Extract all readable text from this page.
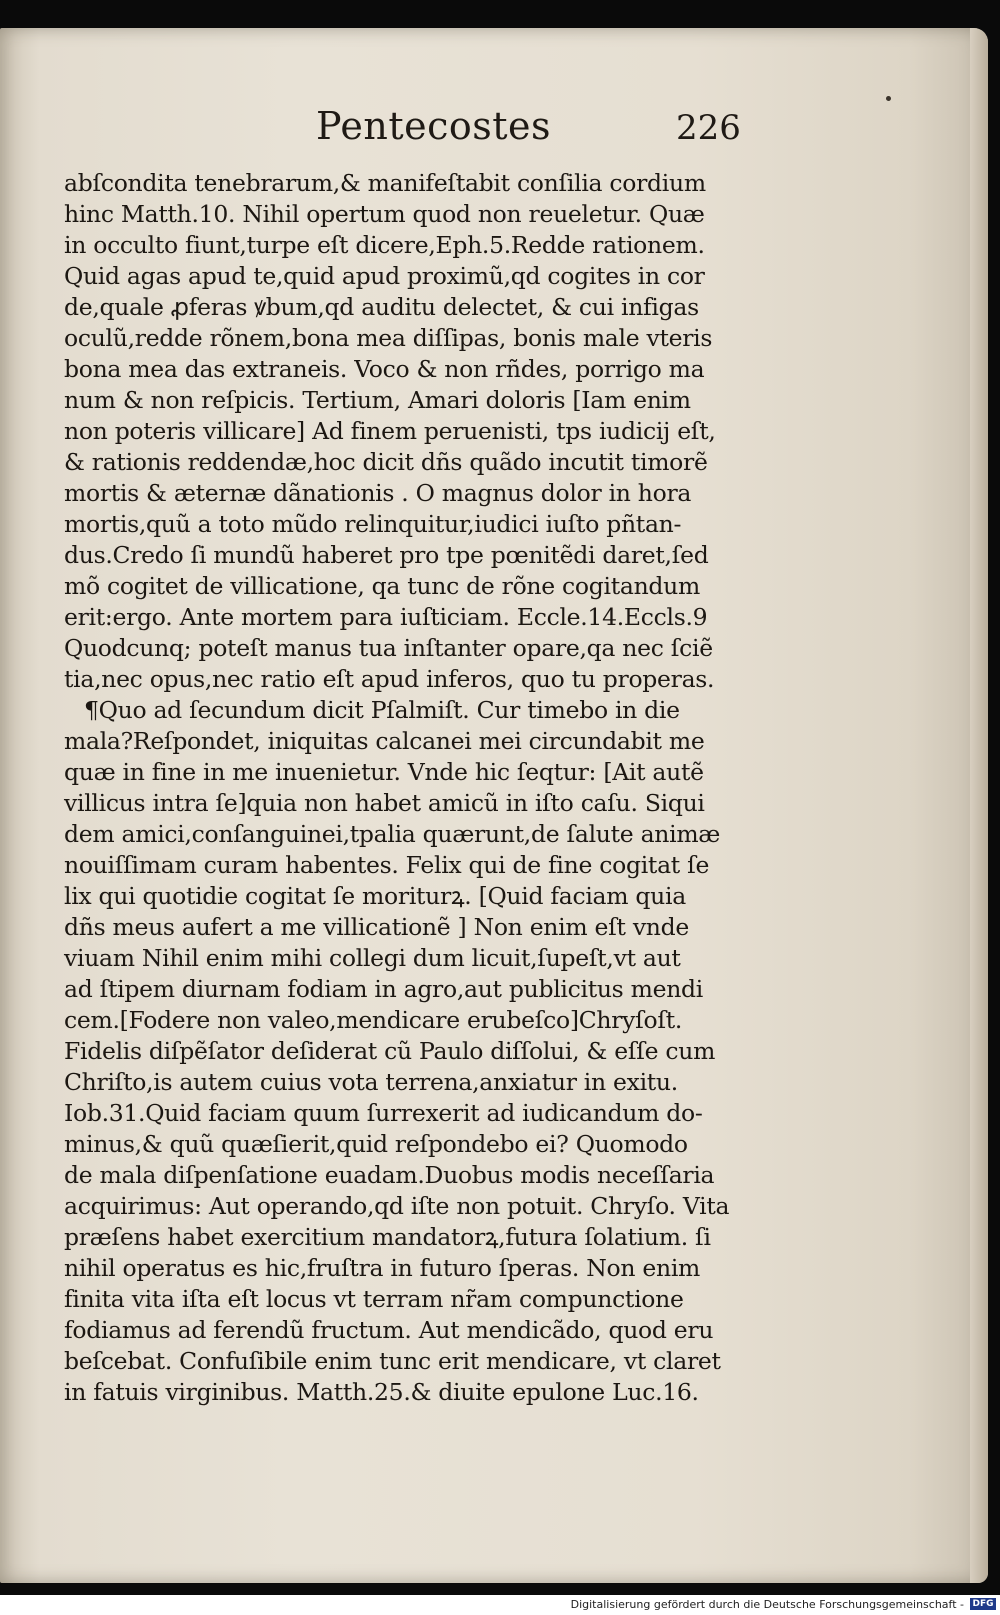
Pentecostes	226
abſcondita tenebrarum,& manifeſtabit conſilia cordium
hinc Matth.10. Nihil opertum quod non reueletur. Quæ
in occulto fiunt,turpe eſt dicere,Eph.5.Redde rationem.
Quid agas apud te,quid apud proximũ,qd cogites in cor
de,quale ꝓferas ꝟbum,qd auditu delectet, & cui infigas
oculũ,redde rõnem,bona mea diſſipas, bonis male vteris
bona mea das extraneis. Voco & non rñdes, porrigo ma
num & non reſpicis. Tertium, Amari doloris [Iam enim
non poteris villicare] Ad finem peruenisti, tps iudicij eſt,
& rationis reddendæ,hoc dicit dñs quãdo incutit timorẽ
mortis & æternæ dãnationis . O magnus dolor in hora
mortis,quũ a toto mũdo relinquitur,iudici iuſto pñtan-
dus.Credo ſi mundũ haberet pro tpe pœnitẽdi daret,ſed
mõ cogitet de villicatione, qa tunc de rõne cogitandum
erit:ergo. Ante mortem para iuſticiam. Eccle.14.Eccls.9
Quodcunq; poteſt manus tua inſtanter opare,qa nec ſciẽ
tia,nec opus,nec ratio eſt apud inferos, quo tu properas.
¶Quo ad ſecundum dicit Pſalmiſt. Cur timebo in die
mala?Reſpondet, iniquitas calcanei mei circundabit me
quæ in fine in me inuenietur. Vnde hic ſeqtur: [Ait autẽ
villicus intra ſe]quia non habet amicũ in iſto caſu. Siqui
dem amici,conſanguinei,tpalia quærunt,de ſalute animæ
nouiſſimam curam habentes. Felix qui de fine cogitat ſe
lix qui quotidie cogitat ſe moriturꝝ. [Quid faciam quia
dñs meus aufert a me villicationẽ ] Non enim eſt vnde
viuam Nihil enim mihi collegi dum licuit,ſupeſt,vt aut
ad ſtipem diurnam fodiam in agro,aut publicitus mendi
cem.[Fodere non valeo,mendicare erubeſco]Chryſoſt.
Fidelis diſpẽſator deſiderat cũ Paulo diſſolui, & eſſe cum
Chriſto,is autem cuius vota terrena,anxiatur in exitu.
Iob.31.Quid faciam quum ſurrexerit ad iudicandum do-
minus,& quũ quæſierit,quid reſpondebo ei? Quomodo
de mala diſpenſatione euadam.Duobus modis neceſſaria
acquirimus: Aut operando,qd iſte non potuit. Chryſo. Vita
præſens habet exercitium mandatorꝝ,futura ſolatium. ſi
nihil operatus es hic,fruſtra in futuro ſperas. Non enim
finita vita iſta eſt locus vt terram nr̃am compunctione
fodiamus ad ferendũ fructum. Aut mendicãdo, quod eru
beſcebat. Confuſibile enim tunc erit mendicare, vt claret
in fatuis virginibus. Matth.25.& diuite epulone Luc.16.
Digitalisierung gefördert durch die Deutsche Forschungsgemeinschaft - DFG
